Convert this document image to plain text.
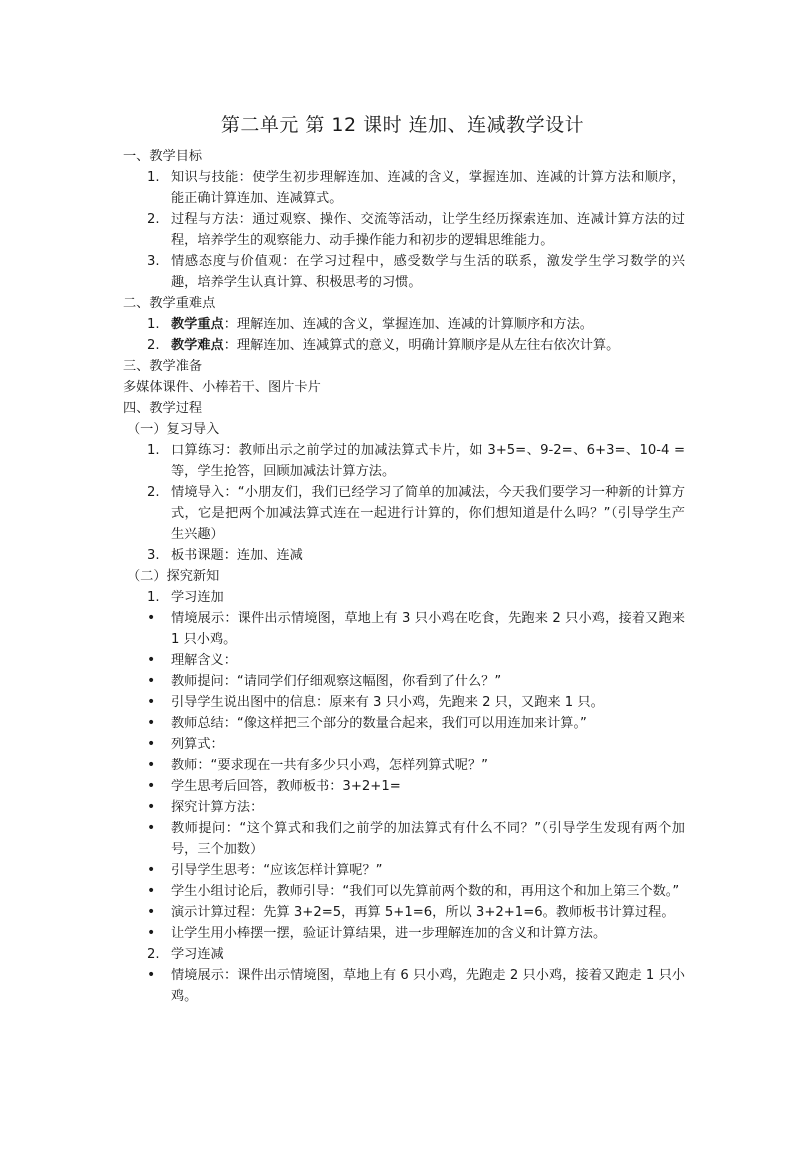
第二单元 第 12 课时 连加、连减教学设计

一、教学目标

1. 知识与技能：使学生初步理解连加、连减的含义，掌握连加、连减的计算方法和顺序，能正确计算连加、连减算式。
2. 过程与方法：通过观察、操作、交流等活动，让学生经历探索连加、连减计算方法的过程，培养学生的观察能力、动手操作能力和初步的逻辑思维能力。
3. 情感态度与价值观：在学习过程中，感受数学与生活的联系，激发学生学习数学的兴趣，培养学生认真计算、积极思考的习惯。

二、教学重难点

1. 教学重点：理解连加、连减的含义，掌握连加、连减的计算顺序和方法。
2. 教学难点：理解连加、连减算式的意义，明确计算顺序是从左往右依次计算。

三、教学准备

多媒体课件、小棒若干、图片卡片

四、教学过程

（一）复习导入

1. 口算练习：教师出示之前学过的加减法算式卡片，如 3+5=、9-2=、6+3=、10-4 = 等，学生抢答，回顾加减法计算方法。
2. 情境导入：“小朋友们，我们已经学习了简单的加减法，今天我们要学习一种新的计算方式，它是把两个加减法算式连在一起进行计算的，你们想知道是什么吗？”（引导学生产生兴趣）
3. 板书课题：连加、连减

（二）探究新知

1. 学习连加
•	情境展示：课件出示情境图，草地上有 3 只小鸡在吃食，先跑来 2 只小鸡，接着又跑来 1 只小鸡。
•	理解含义：
•	教师提问：“请同学们仔细观察这幅图，你看到了什么？”
•	引导学生说出图中的信息：原来有 3 只小鸡，先跑来 2 只，又跑来 1 只。
•	教师总结：“像这样把三个部分的数量合起来，我们可以用连加来计算。”
•	列算式：
•	教师：“要求现在一共有多少只小鸡，怎样列算式呢？”
•	学生思考后回答，教师板书：3+2+1=
•	探究计算方法：
•	教师提问：“这个算式和我们之前学的加法算式有什么不同？”（引导学生发现有两个加号，三个加数）
•	引导学生思考：“应该怎样计算呢？”
•	学生小组讨论后，教师引导：“我们可以先算前两个数的和，再用这个和加上第三个数。”
•	演示计算过程：先算 3+2=5，再算 5+1=6，所以 3+2+1=6。教师板书计算过程。
•	让学生用小棒摆一摆，验证计算结果，进一步理解连加的含义和计算方法。
2. 学习连减
•	情境展示：课件出示情境图，草地上有 6 只小鸡，先跑走 2 只小鸡，接着又跑走 1 只小鸡。
